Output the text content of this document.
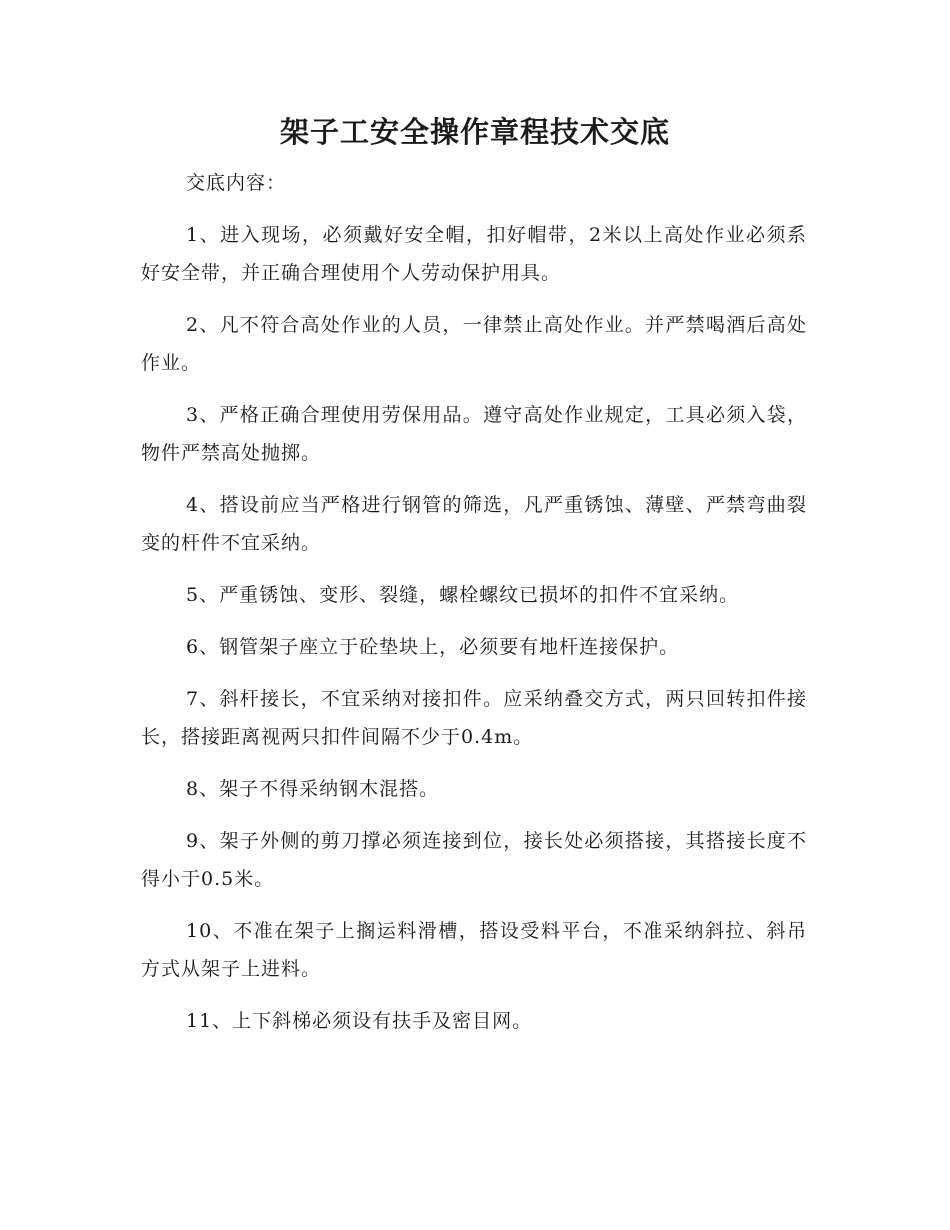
架子工安全操作章程技术交底

交底内容：

1、进入现场，必须戴好安全帽，扣好帽带，2米以上高处作业必须系好安全带，并正确合理使用个人劳动保护用具。

2、凡不符合高处作业的人员，一律禁止高处作业。并严禁喝酒后高处作业。

3、严格正确合理使用劳保用品。遵守高处作业规定，工具必须入袋，物件严禁高处抛掷。

4、搭设前应当严格进行钢管的筛选，凡严重锈蚀、薄壁、严禁弯曲裂变的杆件不宜采纳。

5、严重锈蚀、变形、裂缝，螺栓螺纹已损坏的扣件不宜采纳。

6、钢管架子座立于砼垫块上，必须要有地杆连接保护。

7、斜杆接长，不宜采纳对接扣件。应采纳叠交方式，两只回转扣件接长，搭接距离视两只扣件间隔不少于0.4m。

8、架子不得采纳钢木混搭。

9、架子外侧的剪刀撑必须连接到位，接长处必须搭接，其搭接长度不得小于0.5米。

10、不准在架子上搁运料滑槽，搭设受料平台，不准采纳斜拉、斜吊方式从架子上进料。

11、上下斜梯必须设有扶手及密目网。
